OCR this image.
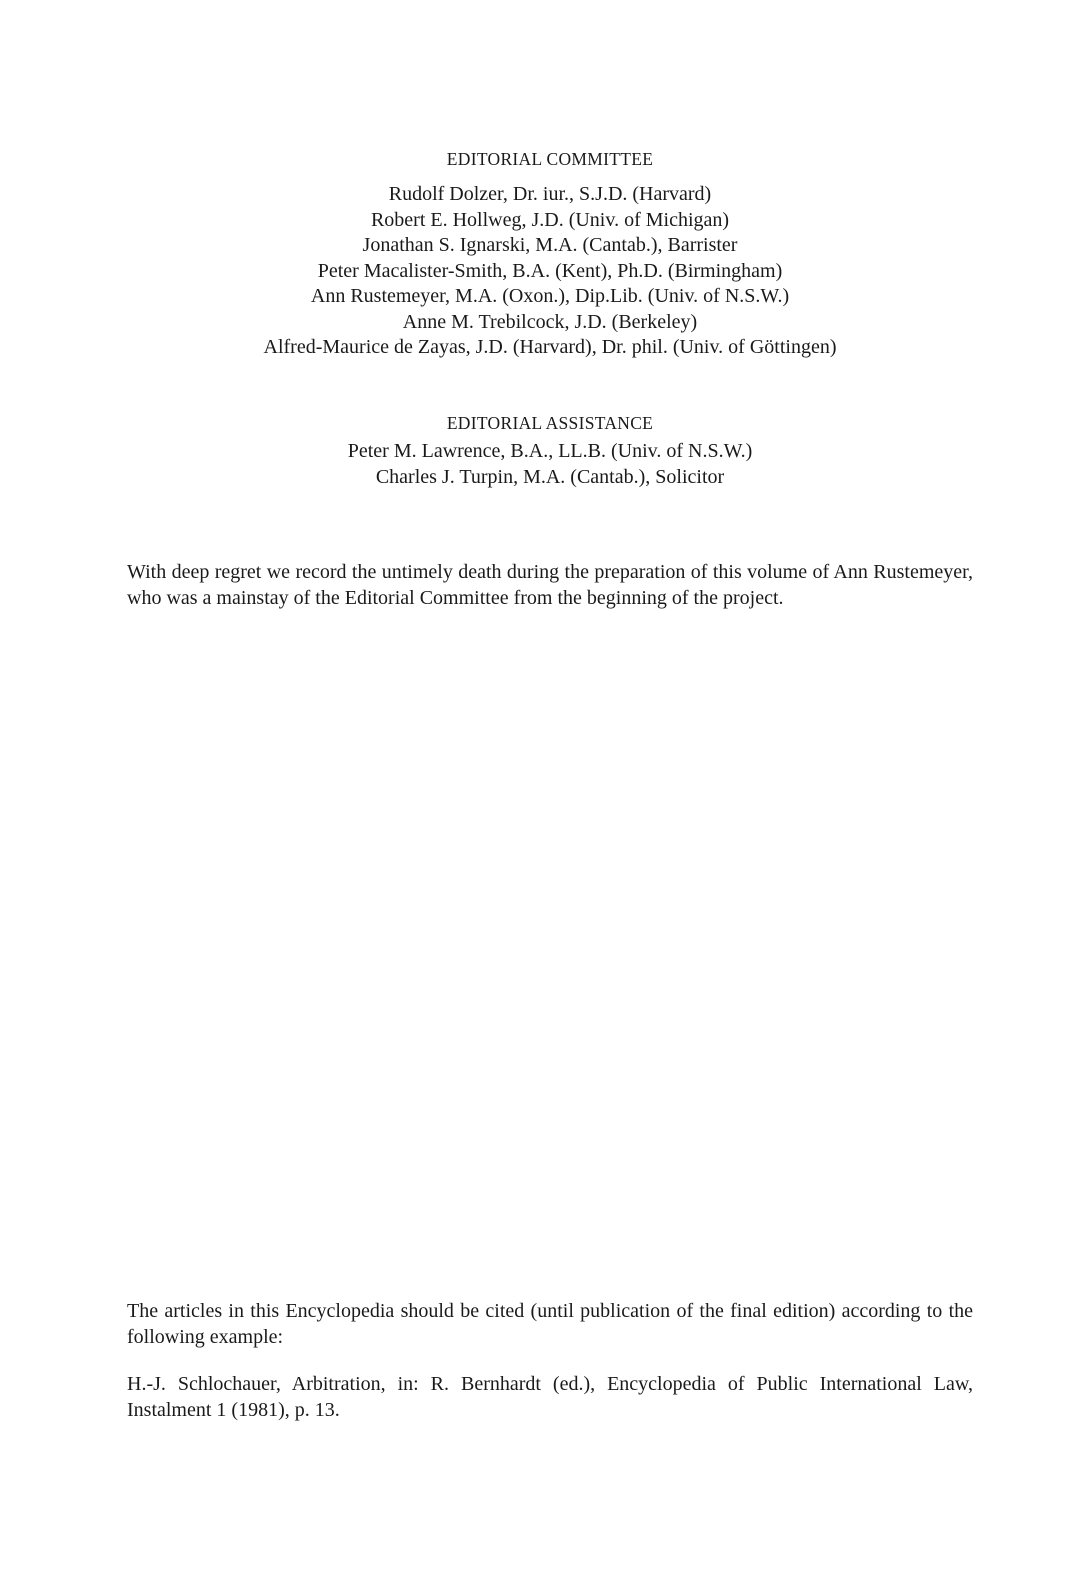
EDITORIAL COMMITTEE
Rudolf Dolzer, Dr. iur., S.J.D. (Harvard)
Robert E. Hollweg, J.D. (Univ. of Michigan)
Jonathan S. Ignarski, M.A. (Cantab.), Barrister
Peter Macalister-Smith, B.A. (Kent), Ph.D. (Birmingham)
Ann Rustemeyer, M.A. (Oxon.), Dip.Lib. (Univ. of N.S.W.)
Anne M. Trebilcock, J.D. (Berkeley)
Alfred-Maurice de Zayas, J.D. (Harvard), Dr. phil. (Univ. of Göttingen)
EDITORIAL ASSISTANCE
Peter M. Lawrence, B.A., LL.B. (Univ. of N.S.W.)
Charles J. Turpin, M.A. (Cantab.), Solicitor

With deep regret we record the untimely death during the preparation of this volume of Ann Rustemeyer, who was a mainstay of the Editorial Committee from the beginning of the project.

The articles in this Encyclopedia should be cited (until publication of the final edition) according to the following example:

H.-J. Schlochauer, Arbitration, in: R. Bernhardt (ed.), Encyclopedia of Public International Law, Instalment 1 (1981), p. 13.
